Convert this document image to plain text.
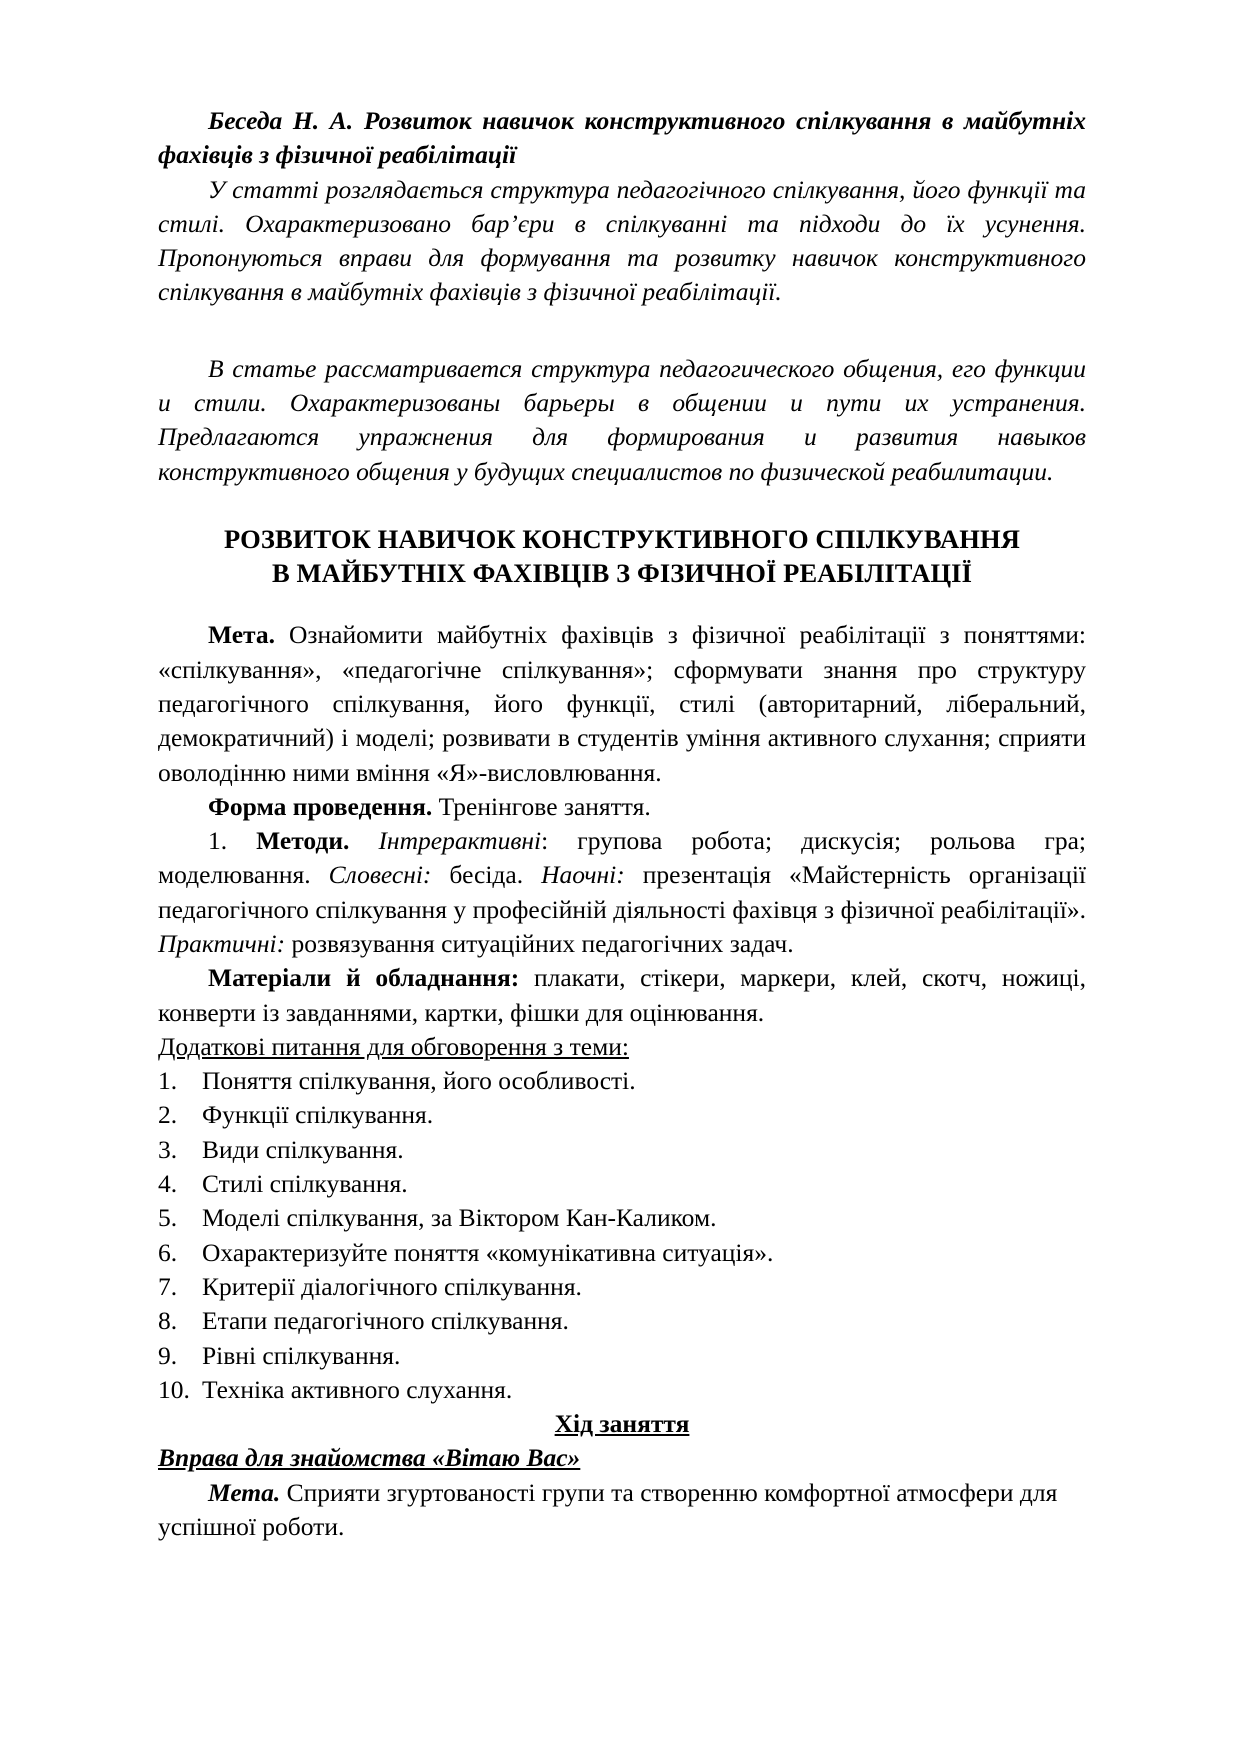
Беседа Н. А. Розвиток навичок конструктивного спілкування в майбутніх фахівців з фізичної реабілітації

У статті розглядається структура педагогічного спілкування, його функції та стилі. Охарактеризовано бар’єри в спілкуванні та підходи до їх усунення. Пропонуються вправи для формування та розвитку навичок конструктивного спілкування в майбутніх фахівців з фізичної реабілітації.

В статье рассматривается структура педагогического общения, его функции и стили. Охарактеризованы барьеры в общении и пути их устранения. Предлагаются упражнения для формирования и развития навыков конструктивного общения у будущих специалистов по физической реабилитации.

РОЗВИТОК НАВИЧОК КОНСТРУКТИВНОГО СПІЛКУВАННЯ
В МАЙБУТНІХ ФАХІВЦІВ З ФІЗИЧНОЇ РЕАБІЛІТАЦІЇ

Мета. Ознайомити майбутніх фахівців з фізичної реабілітації з поняттями: «спілкування», «педагогічне спілкування»; сформувати знання про структуру педагогічного спілкування, його функції, стилі (авторитарний, ліберальний, демократичний) і моделі; розвивати в студентів уміння активного слухання; сприяти оволодінню ними вміння «Я»-висловлювання.

Форма проведення. Тренінгове заняття.

1. Методи. Інтрерактивні: групова робота; дискусія; рольова гра; моделювання. Словесні: бесіда. Наочні: презентація «Майстерність організації педагогічного спілкування у професійній діяльності фахівця з фізичної реабілітації». Практичні: розвязування ситуаційних педагогічних задач.

Матеріали й обладнання: плакати, стікери, маркери, клей, скотч, ножиці, конверти із завданнями, картки, фішки для оцінювання.

Додаткові питання для обговорення з теми:

1. Поняття спілкування, його особливості.
2. Функції спілкування.
3. Види спілкування.
4. Стилі спілкування.
5. Моделі спілкування, за Віктором Кан-Каликом.
6. Охарактеризуйте поняття «комунікативна ситуація».
7. Критерії діалогічного спілкування.
8. Етапи педагогічного спілкування.
9. Рівні спілкування.
10. Техніка активного слухання.

Хід заняття

Вправа для знайомства «Вітаю Вас»

Мета. Сприяти згуртованості групи та створенню комфортної атмосфери для успішної роботи.
